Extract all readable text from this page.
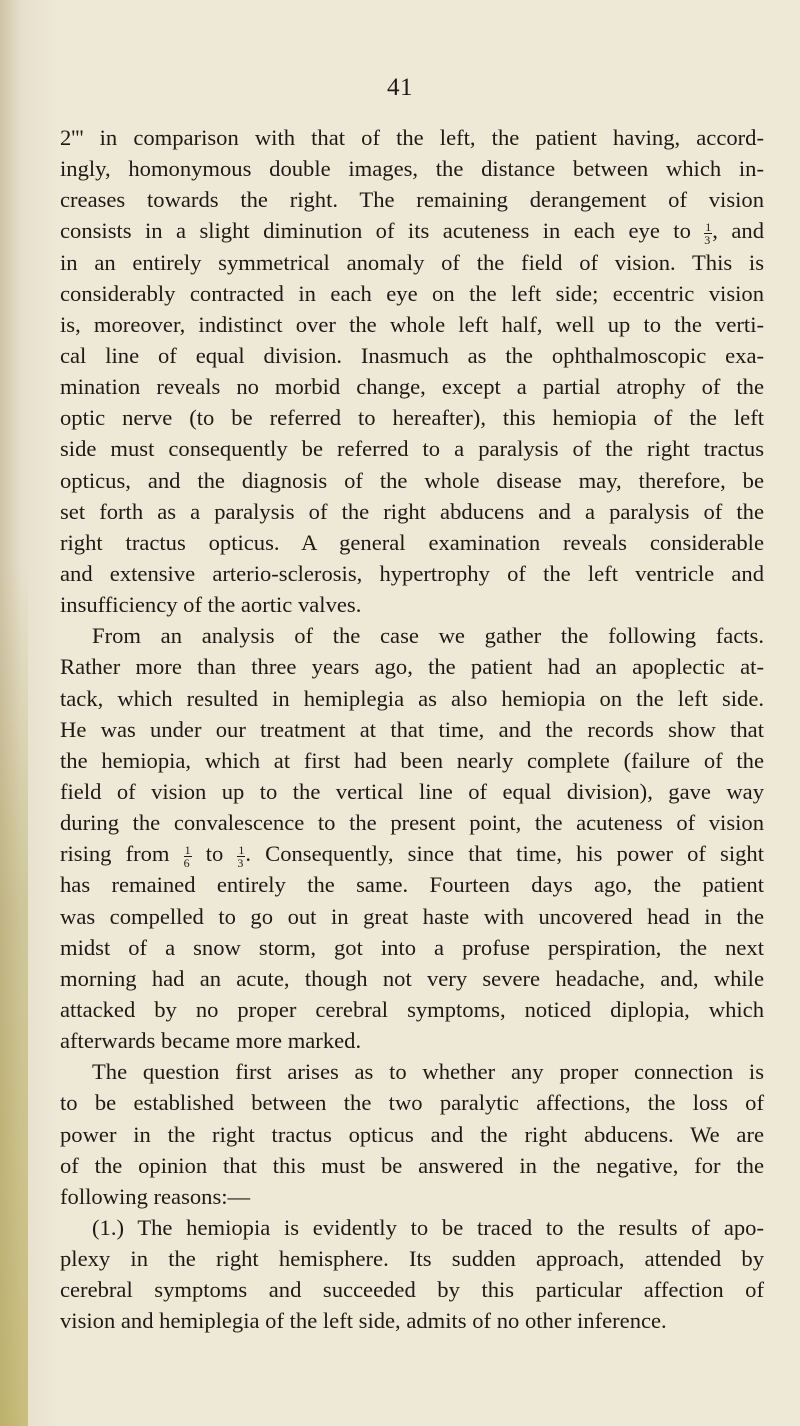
41
2''' in comparison with that of the left, the patient having, accord-
ingly, homonymous double images, the distance between which in-
creases towards the right. The remaining derangement of vision
consists in a slight diminution of its acuteness in each eye to $\frac{1}{3}$ , and
in an entirely symmetrical anomaly of the field of vision. This is
considerably contracted in each eye on the left side; eccentric vision
is, moreover, indistinct over the whole left half, well up to the verti-
cal line of equal division. Inasmuch as the ophthalmoscopic exa-
mination reveals no morbid change, except a partial atrophy of the
optic nerve (to be referred to hereafter), this hemiopia of the left
side must consequently be referred to a paralysis of the right tractus
opticus, and the diagnosis of the whole disease may, therefore, be
set forth as a paralysis of the right abducens and a paralysis of the
right tractus opticus. A general examination reveals considerable
and extensive arterio-sclerosis, hypertrophy of the left ventricle and
insufficiency of the aortic valves.
From an analysis of the case we gather the following facts.
Rather more than three years ago, the patient had an apoplectic at-
tack, which resulted in hemiplegia as also hemiopia on the left side.
He was under our treatment at that time, and the records show that
the hemiopia, which at first had been nearly complete (failure of the
field of vision up to the vertical line of equal division), gave way
during the convalescence to the present point, the acuteness of vision
rising from $\frac{1}{6}$ to $\frac{1}{3}$ . Consequently, since that time, his power of sight
has remained entirely the same. Fourteen days ago, the patient
was compelled to go out in great haste with uncovered head in the
midst of a snow storm, got into a profuse perspiration, the next
morning had an acute, though not very severe headache, and, while
attacked by no proper cerebral symptoms, noticed diplopia, which
afterwards became more marked.
The question first arises as to whether any proper connection is
to be established between the two paralytic affections, the loss of
power in the right tractus opticus and the right abducens. We are
of the opinion that this must be answered in the negative, for the
following reasons:—
(1.) The hemiopia is evidently to be traced to the results of apo-
plexy in the right hemisphere. Its sudden approach, attended by
cerebral symptoms and succeeded by this particular affection of
vision and hemiplegia of the left side, admits of no other inference.
